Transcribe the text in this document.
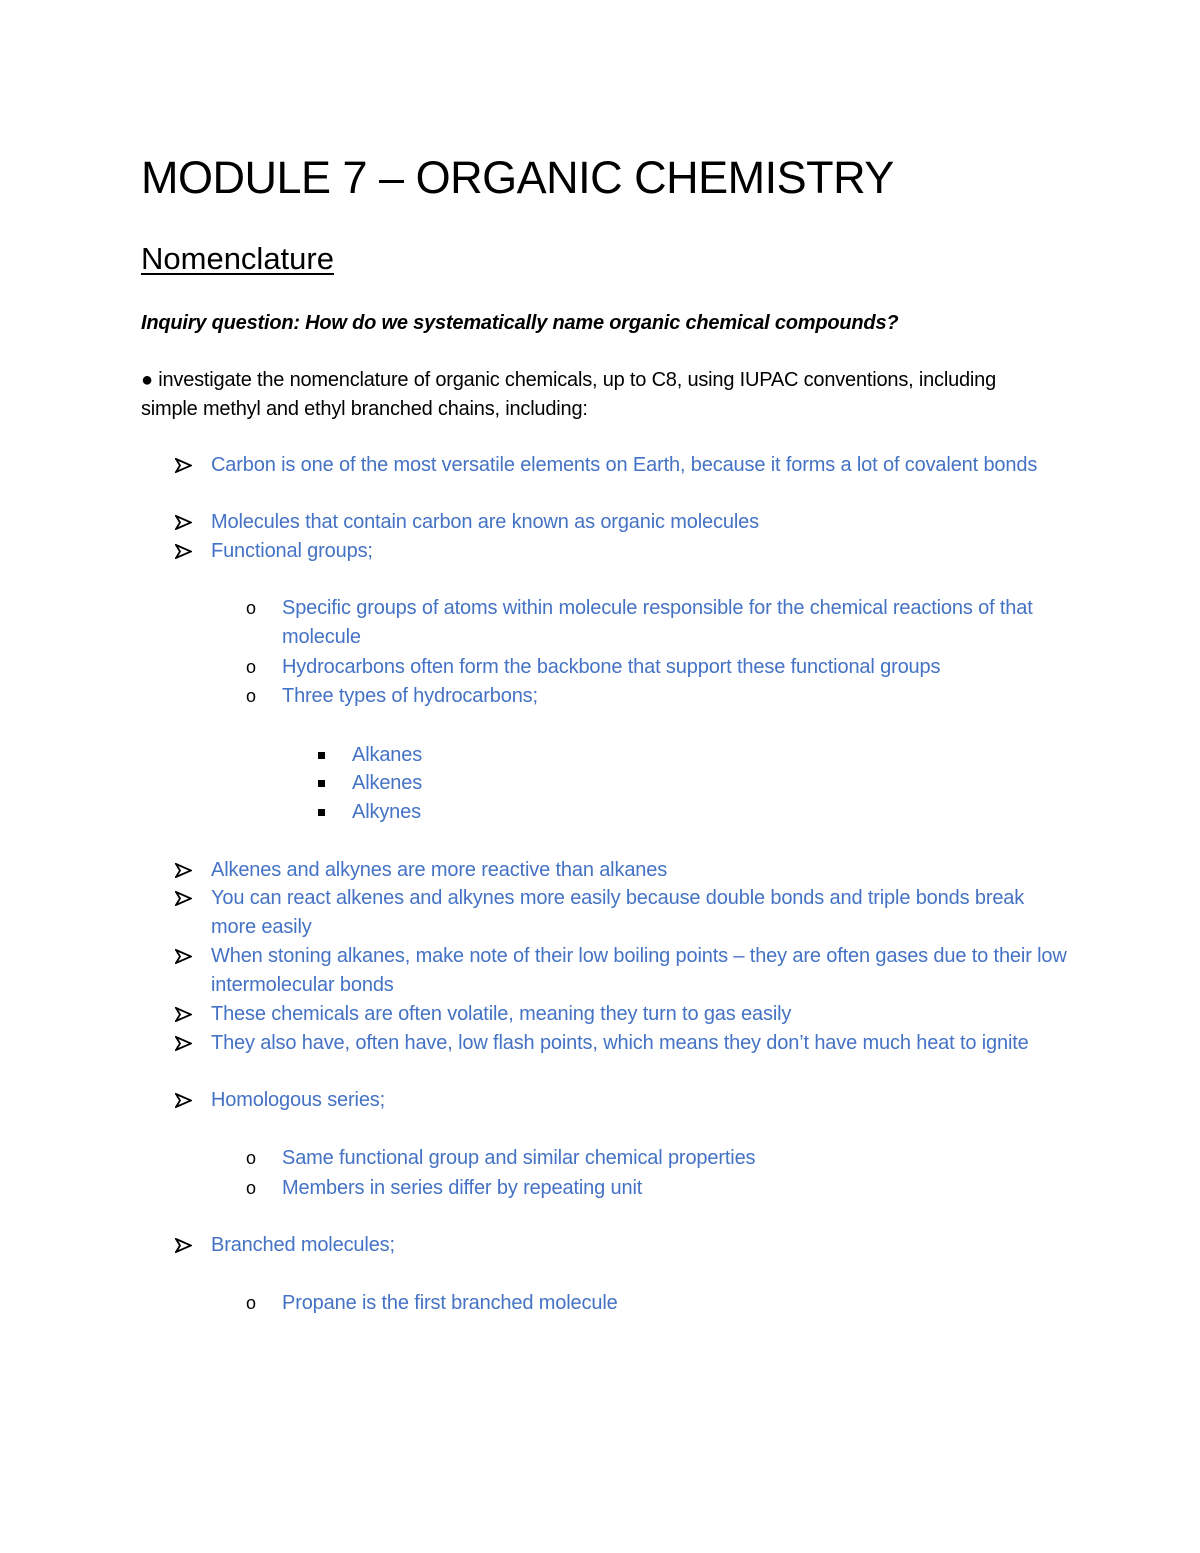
MODULE 7 – ORGANIC CHEMISTRY
Nomenclature
Inquiry question: How do we systematically name organic chemical compounds?
● investigate the nomenclature of organic chemicals, up to C8, using IUPAC conventions, including simple methyl and ethyl branched chains, including:
Carbon is one of the most versatile elements on Earth, because it forms a lot of covalent bonds
Molecules that contain carbon are known as organic molecules
Functional groups;
o Specific groups of atoms within molecule responsible for the chemical reactions of that molecule
o Hydrocarbons often form the backbone that support these functional groups
o Three types of hydrocarbons;
Alkanes
Alkenes
Alkynes
Alkenes and alkynes are more reactive than alkanes
You can react alkenes and alkynes more easily because double bonds and triple bonds break more easily
When stoning alkanes, make note of their low boiling points – they are often gases due to their low intermolecular bonds
These chemicals are often volatile, meaning they turn to gas easily
They also have, often have, low flash points, which means they don’t have much heat to ignite
Homologous series;
o Same functional group and similar chemical properties
o Members in series differ by repeating unit
Branched molecules;
o Propane is the first branched molecule
